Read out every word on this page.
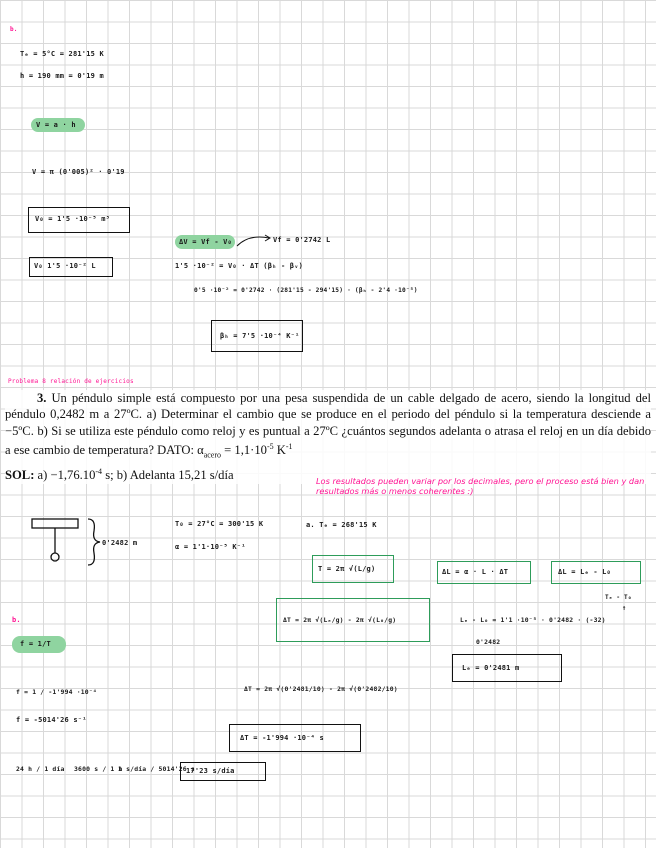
b.
Tₑ = 5°C = 281'15 K
h = 190 mm = 0'19 m
V = a · h
V = π (0'005)² · 0'19
V₀ = 1'5 ·10⁻⁵ m³
ΔV = Vf - V₀	Vf = 0'2742 L
V₀ 1'5 ·10⁻² L	1'5 ·10⁻² = V₀ · ΔT (βₕ - βᵥ)
0'5 ·10⁻² = 0'2742 · (281'15 - 294'15) · (βₕ - 2'4 ·10⁻⁵)
βₕ = 7'5 ·10⁻⁴ K⁻¹
Problema 8 relación de ejercicios

3. Un péndulo simple está compuesto por una pesa suspendida de un cable delgado de acero, siendo la longitud del péndulo 0,2482 m a 27ºC. a) Determinar el cambio que se produce en el periodo del péndulo si la temperatura desciende a −5ºC. b) Si se utiliza este péndulo como reloj y es puntual a 27ºC ¿cuántos segundos adelanta o atrasa el reloj en un día debido a ese cambio de temperatura? DATO: $\alpha_{acero} = 1,1\cdot 10^{-5}$ $K^{-1}$

SOL: $a) -1,76.10^{-4}$ s; b) Adelanta 15,21 s/día	Los resultados pueden variar por los decimales, pero el proceso está bien y dan resultados más o menos coherentes :)
0'2482 m
T₀ = 27°C = 300'15 K
α = 1'1·10⁻⁵ K⁻¹
a. Tₑ = 268'15 K
T = 2π √(L/g)	ΔL = α · L · ΔT	ΔL = Lₑ - L₀
Tₑ - T₀
↑
b.	ΔT = 2π √(Lₑ/g) - 2π √(L₀/g)	Lₑ - L₀ = 1'1 ·10⁻⁵ · 0'2482 · (-32)
0'2482
Lₑ = 0'2481 m
f = 1/T
f = 1 / -1'994 ·10⁻⁴
f = -5014'26 s⁻¹
ΔT = 2π √(0'2481/10) - 2π √(0'2482/10)
ΔT = -1'994 ·10⁻⁴ s
24 h / 1 día 3600 s / 1 h
1 s/día / 5014'26 s
17'23 s/día
